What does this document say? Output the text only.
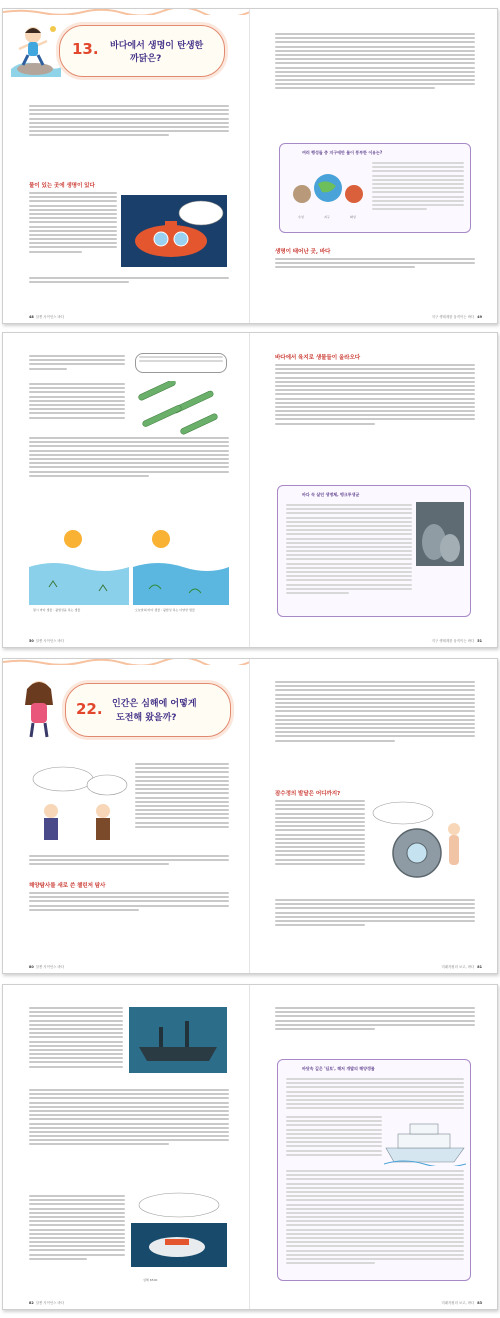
13. 바다에서 생명이 탄생한
까닭은?
물이 있는 곳에 생명이 있다
48 알쏭 사이언스 바다
여러 행성들 중 지구에만 물이 풍부한 이유는?
수성	지구	화성
생명이 태어난 곳, 바다
지구 생태계를 움직이는 바다 49
원시 바다 생물 : 광합성을 하는 생물	오늘날의 바다 생물 : 광합성 하는 다양한 생물
50 알쏭 사이언스 바다
바다에서 육지로 생물들이 올라오다
바다 속 살던 생명체, 맹크투생균
지구 생태계를 움직이는 바다 51
22. 인간은 심해에 어떻게
도전해 왔을까?
해양탐사를 새로 쓴 챌린저 탐사
80 알쏭 사이언스 바다
잠수정의 발달은 어디까지?
미래자원의 보고, 바다 81
심해 6500
82 알쏭 사이언스 바다
바닷속 깊은 '딥토', 해저 개발의 해양갱물
미래자원의 보고, 바다 83
